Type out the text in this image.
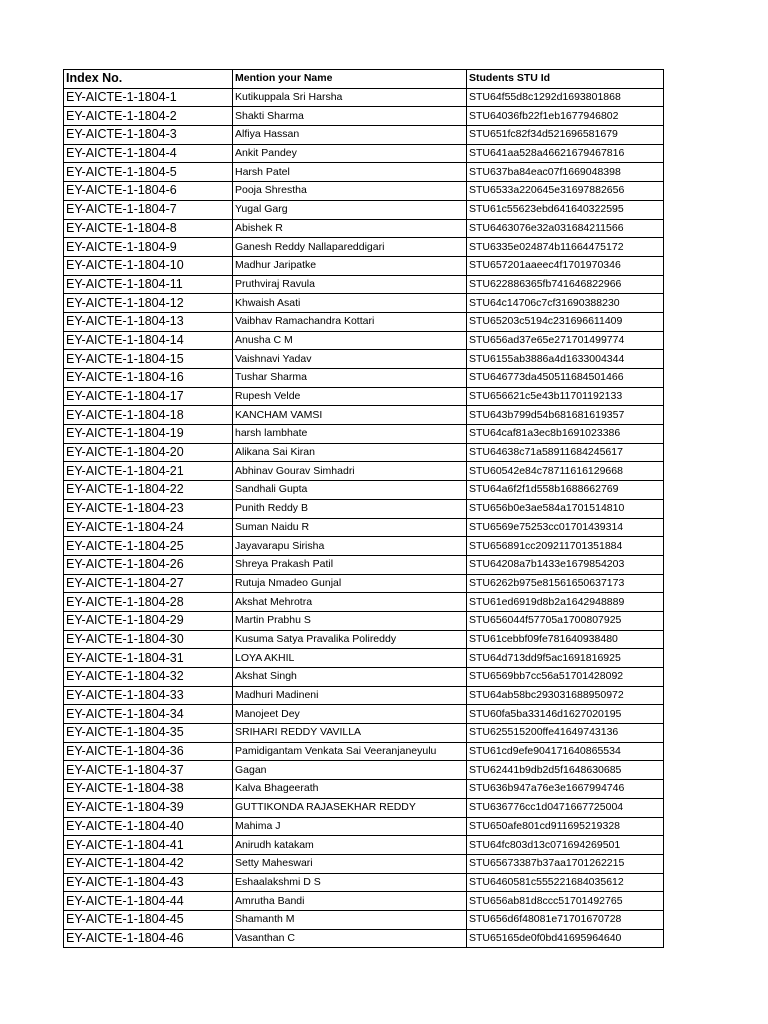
Index No.	Mention your Name	Students STU Id
EY-AICTE-1-1804-1	Kutikuppala Sri Harsha	STU64f55d8c1292d1693801868
EY-AICTE-1-1804-2	Shakti Sharma	STU64036fb22f1eb1677946802
EY-AICTE-1-1804-3	Alfiya Hassan	STU651fc82f34d521696581679
EY-AICTE-1-1804-4	Ankit Pandey	STU641aa528a46621679467816
EY-AICTE-1-1804-5	Harsh Patel	STU637ba84eac07f1669048398
EY-AICTE-1-1804-6	Pooja Shrestha	STU6533a220645e31697882656
EY-AICTE-1-1804-7	Yugal Garg	STU61c55623ebd641640322595
EY-AICTE-1-1804-8	Abishek R	STU6463076e32a031684211566
EY-AICTE-1-1804-9	Ganesh Reddy Nallapareddigari	STU6335e024874b11664475172
EY-AICTE-1-1804-10	Madhur Jaripatke	STU657201aaeec4f1701970346
EY-AICTE-1-1804-11	Pruthviraj Ravula	STU622886365fb741646822966
EY-AICTE-1-1804-12	Khwaish Asati	STU64c14706c7cf31690388230
EY-AICTE-1-1804-13	Vaibhav Ramachandra Kottari	STU65203c5194c231696611409
EY-AICTE-1-1804-14	Anusha C M	STU656ad37e65e271701499774
EY-AICTE-1-1804-15	Vaishnavi Yadav	STU6155ab3886a4d1633004344
EY-AICTE-1-1804-16	Tushar Sharma	STU646773da450511684501466
EY-AICTE-1-1804-17	Rupesh Velde	STU656621c5e43b11701192133
EY-AICTE-1-1804-18	KANCHAM VAMSI	STU643b799d54b681681619357
EY-AICTE-1-1804-19	harsh lambhate	STU64caf81a3ec8b1691023386
EY-AICTE-1-1804-20	Alikana Sai Kiran	STU64638c71a58911684245617
EY-AICTE-1-1804-21	Abhinav Gourav Simhadri	STU60542e84c78711616129668
EY-AICTE-1-1804-22	Sandhali Gupta	STU64a6f2f1d558b1688662769
EY-AICTE-1-1804-23	Punith Reddy B	STU656b0e3ae584a1701514810
EY-AICTE-1-1804-24	Suman Naidu R	STU6569e75253cc01701439314
EY-AICTE-1-1804-25	Jayavarapu Sirisha	STU656891cc209211701351884
EY-AICTE-1-1804-26	Shreya Prakash Patil	STU64208a7b1433e1679854203
EY-AICTE-1-1804-27	Rutuja Nmadeo Gunjal	STU6262b975e81561650637173
EY-AICTE-1-1804-28	Akshat Mehrotra	STU61ed6919d8b2a1642948889
EY-AICTE-1-1804-29	Martin Prabhu S	STU656044f57705a1700807925
EY-AICTE-1-1804-30	Kusuma Satya Pravalika Polireddy	STU61cebbf09fe781640938480
EY-AICTE-1-1804-31	LOYA AKHIL	STU64d713dd9f5ac1691816925
EY-AICTE-1-1804-32	Akshat Singh	STU6569bb7cc56a51701428092
EY-AICTE-1-1804-33	Madhuri Madineni	STU64ab58bc293031688950972
EY-AICTE-1-1804-34	Manojeet Dey	STU60fa5ba33146d1627020195
EY-AICTE-1-1804-35	SRIHARI REDDY VAVILLA	STU625515200ffe41649743136
EY-AICTE-1-1804-36	Pamidigantam Venkata Sai Veeranjaneyulu	STU61cd9efe904171640865534
EY-AICTE-1-1804-37	Gagan	STU62441b9db2d5f1648630685
EY-AICTE-1-1804-38	Kalva Bhageerath	STU636b947a76e3e1667994746
EY-AICTE-1-1804-39	GUTTIKONDA RAJASEKHAR REDDY	STU636776cc1d0471667725004
EY-AICTE-1-1804-40	Mahima J	STU650afe801cd911695219328
EY-AICTE-1-1804-41	Anirudh katakam	STU64fc803d13c071694269501
EY-AICTE-1-1804-42	Setty Maheswari	STU65673387b37aa1701262215
EY-AICTE-1-1804-43	Eshaalakshmi D S	STU6460581c555221684035612
EY-AICTE-1-1804-44	Amrutha Bandi	STU656ab81d8ccc51701492765
EY-AICTE-1-1804-45	Shamanth M	STU656d6f48081e71701670728
EY-AICTE-1-1804-46	Vasanthan C	STU65165de0f0bd41695964640
